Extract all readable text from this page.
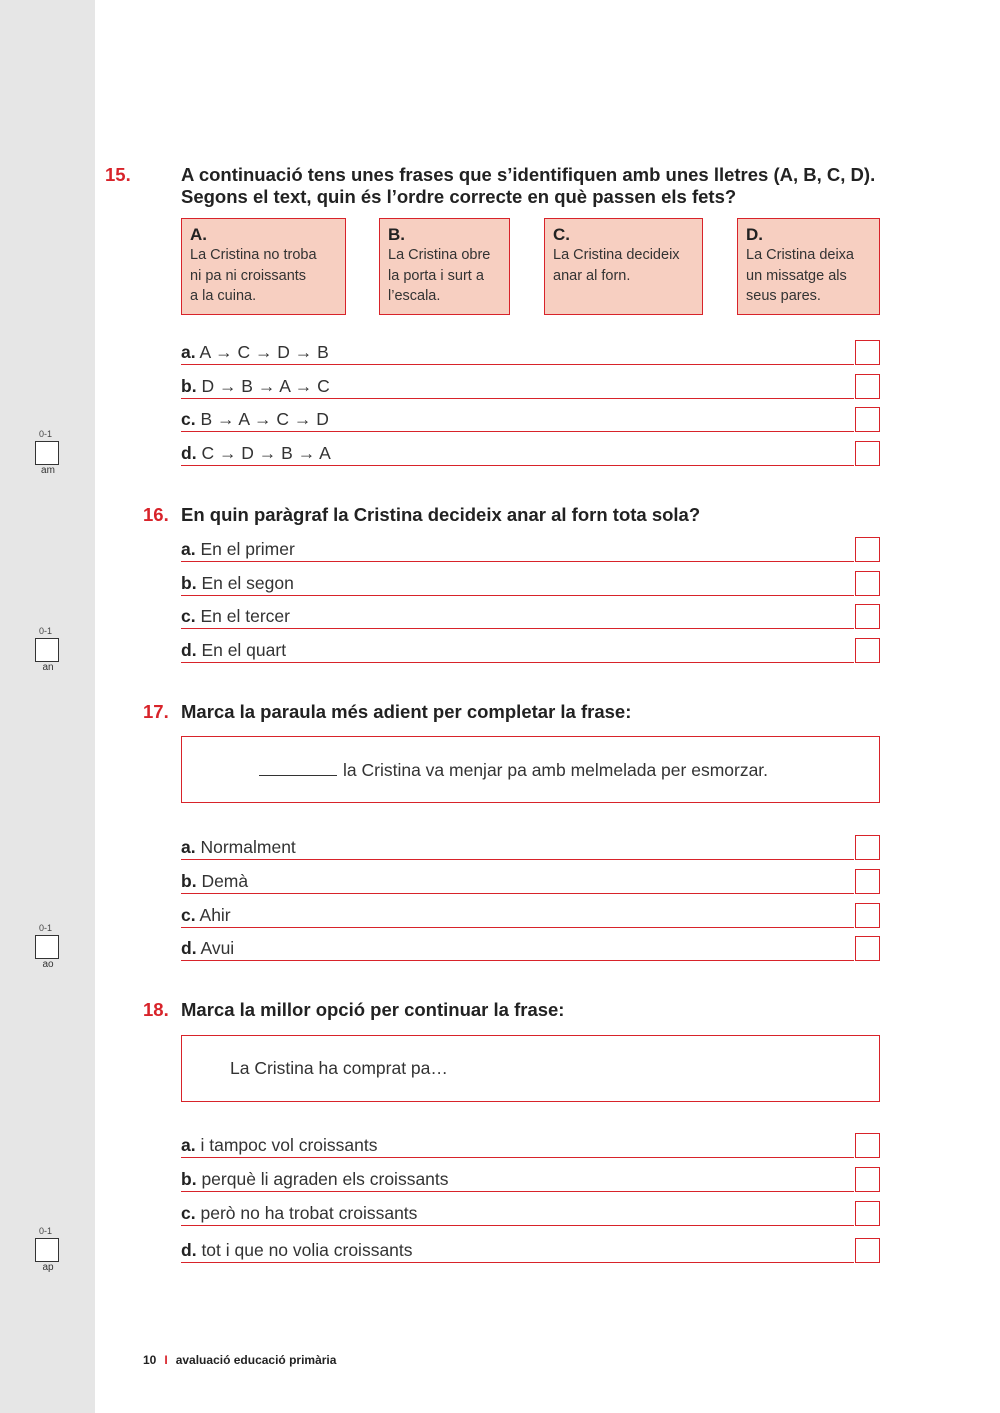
0-1
am
0-1
an
0-1
ao
0-1
ap
15.	A continuació tens unes frases que s’identifiquen amb unes lletres (A, B, C, D). Segons el text, quin és l’ordre correcte en què passen els fets?
A.
La Cristina no troba
ni pa ni croissants
a la cuina.
B.
La Cristina obre
la porta i surt a
l’escala.
C.
La Cristina decideix
anar al forn.
D.
La Cristina deixa
un missatge als
seus pares.
a. A → C → D → B
b. D → B → A → C
c. B → A → C → D
d. C → D → B → A
16. En quin paràgraf la Cristina decideix anar al forn tota sola?
a. En el primer
b. En el segon
c. En el tercer
d. En el quart
17. Marca la paraula més adient per completar la frase:
la Cristina va menjar pa amb melmelada per esmorzar.
a. Normalment
b. Demà
c. Ahir
d. Avui
18. Marca la millor opció per continuar la frase:
La Cristina ha comprat pa…
a. i tampoc vol croissants
b. perquè li agraden els croissants
c. però no ha trobat croissants
d. tot i que no volia croissants
10 I avaluació educació primària
